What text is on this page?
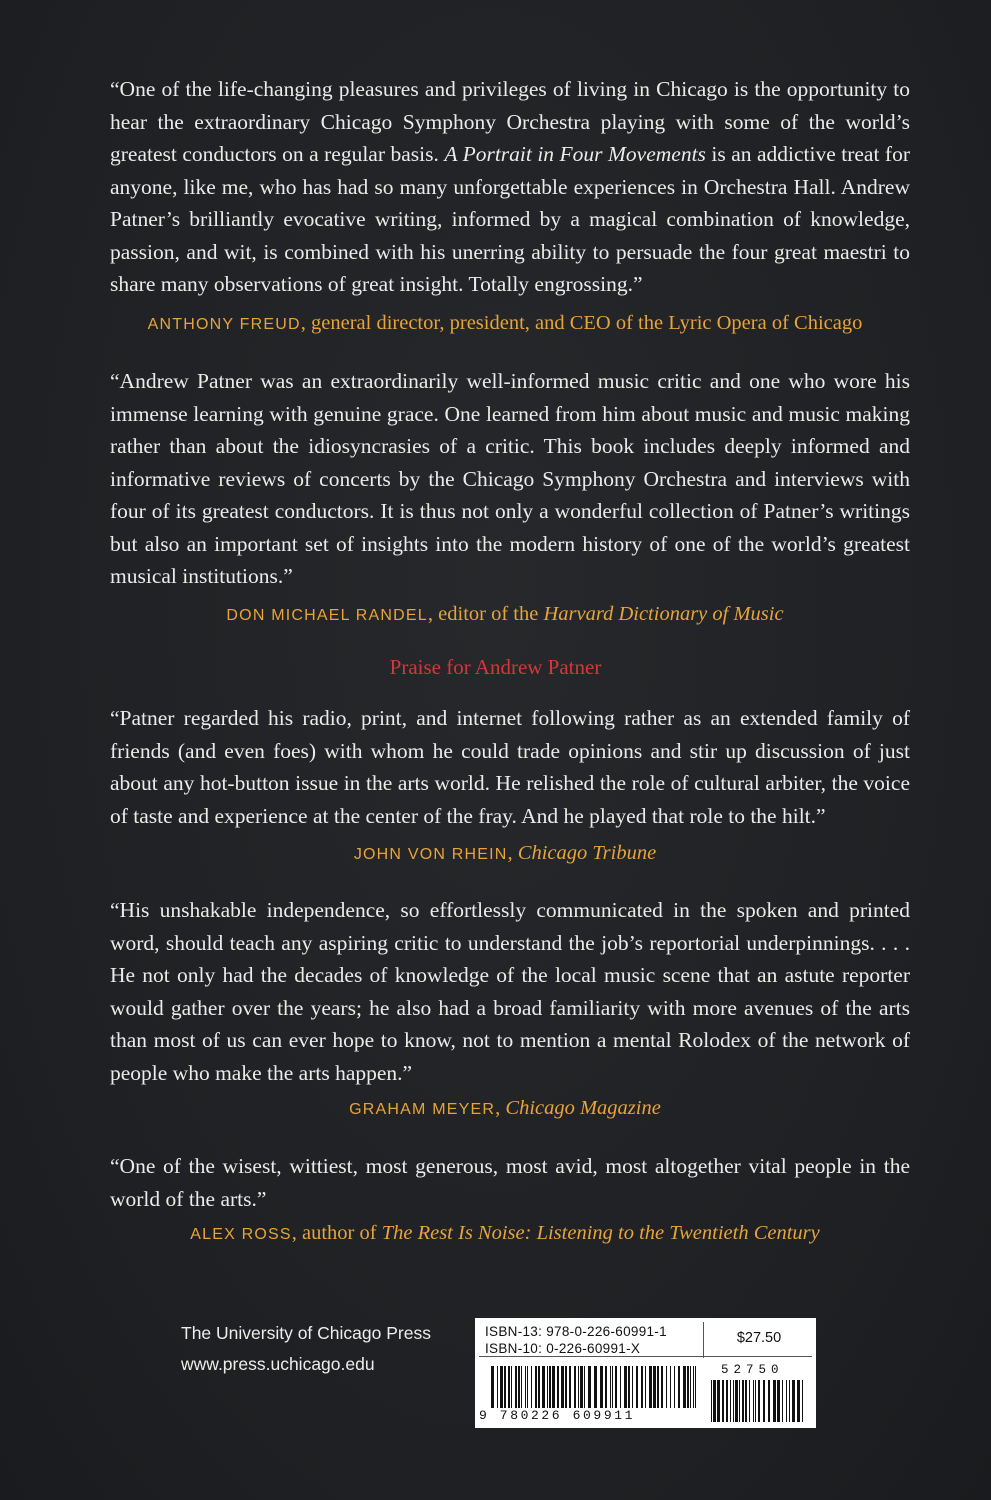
“One of the life-changing pleasures and privileges of living in Chicago is the opportunity to hear the extraordinary Chicago Symphony Orchestra playing with some of the world’s greatest conductors on a regular basis. A Portrait in Four Movements is an addictive treat for anyone, like me, who has had so many unforgettable experiences in Orchestra Hall. Andrew Patner’s brilliantly evocative writing, informed by a magical combination of knowledge, passion, and wit, is combined with his unerring ability to persuade the four great maestri to share many observations of great insight. Totally engrossing.”
ANTHONY FREUD, general director, president, and CEO of the Lyric Opera of Chicago
“Andrew Patner was an extraordinarily well-informed music critic and one who wore his immense learning with genuine grace. One learned from him about music and music making rather than about the idiosyncrasies of a critic. This book includes deeply informed and informative reviews of concerts by the Chicago Symphony Orchestra and interviews with four of its greatest conductors. It is thus not only a wonderful collection of Patner’s writings but also an important set of insights into the modern history of one of the world’s greatest musical institutions.”
DON MICHAEL RANDEL, editor of the Harvard Dictionary of Music
Praise for Andrew Patner
“Patner regarded his radio, print, and internet following rather as an extended family of friends (and even foes) with whom he could trade opinions and stir up discussion of just about any hot-button issue in the arts world. He relished the role of cultural arbiter, the voice of taste and experience at the center of the fray. And he played that role to the hilt.”
JOHN VON RHEIN, Chicago Tribune
“His unshakable independence, so effortlessly communicated in the spoken and printed word, should teach any aspiring critic to understand the job’s reportorial underpinnings. . . . He not only had the decades of knowledge of the local music scene that an astute reporter would gather over the years; he also had a broad familiarity with more avenues of the arts than most of us can ever hope to know, not to mention a mental Rolodex of the network of people who make the arts happen.”
GRAHAM MEYER, Chicago Magazine
“One of the wisest, wittiest, most generous, most avid, most altogether vital people in the world of the arts.”
ALEX ROSS, author of The Rest Is Noise: Listening to the Twentieth Century
The University of Chicago Press
www.press.uchicago.edu
ISBN-13: 978-0-226-60991-1
ISBN-10: 0-226-60991-X
$27.50
9 780226 609911
52750
